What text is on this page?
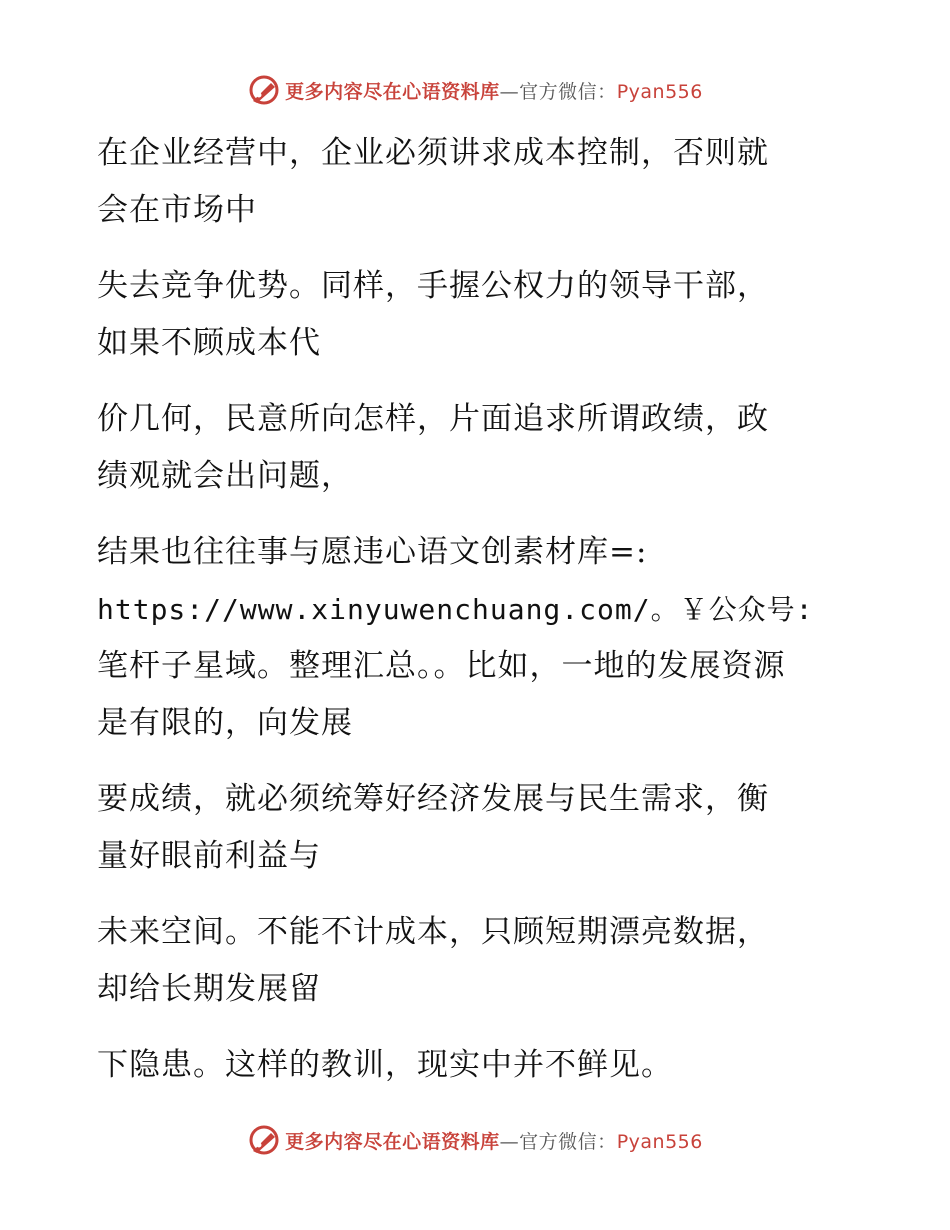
更多内容尽在心语资料库—官方微信：Pyan556
在企业经营中，企业必须讲求成本控制，否则就
会在市场中
失去竞争优势。同样，手握公权力的领导干部，
如果不顾成本代
价几何，民意所向怎样，片面追求所谓政绩，政
绩观就会出问题，
结果也往往事与愿违心语文创素材库=:
https://www.xinyuwenchuang.com/。￥公众号:
笔杆子星域。整理汇总。。比如，一地的发展资源
是有限的，向发展
要成绩，就必须统筹好经济发展与民生需求，衡
量好眼前利益与
未来空间。不能不计成本，只顾短期漂亮数据，
却给长期发展留
下隐患。这样的教训，现实中并不鲜见。
更多内容尽在心语资料库—官方微信：Pyan556
